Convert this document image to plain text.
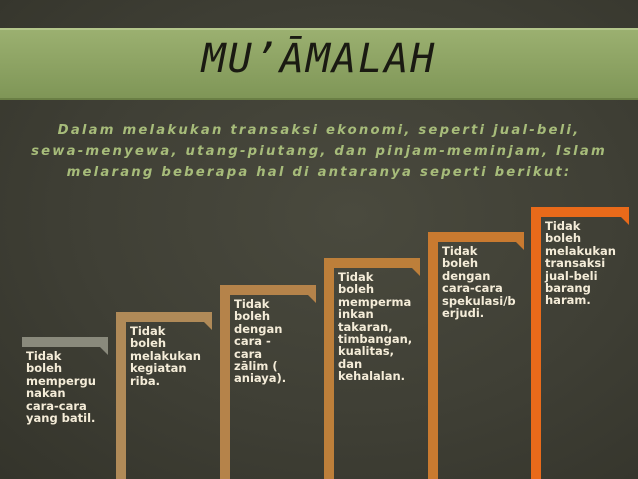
MU’ĀMALAH

Dalam melakukan transaksi ekonomi, seperti jual-beli, sewa-menyewa, utang-piutang, dan pinjam-meminjam, Islam melarang beberapa hal di antaranya seperti berikut:

Tidak
boleh
mempergu
nakan
cara-cara
yang batil.

Tidak
boleh
melakukan
kegiatan
riba.

Tidak
boleh
dengan
cara -
cara zālim (
aniaya).

Tidak
boleh
memperma
inkan
takaran,
timbangan,
kualitas,
dan
kehalalan.

Tidak
boleh
dengan
cara-cara
spekulasi/b
erjudi.

Tidak
boleh
melakukan
transaksi
jual-beli
barang
haram.
